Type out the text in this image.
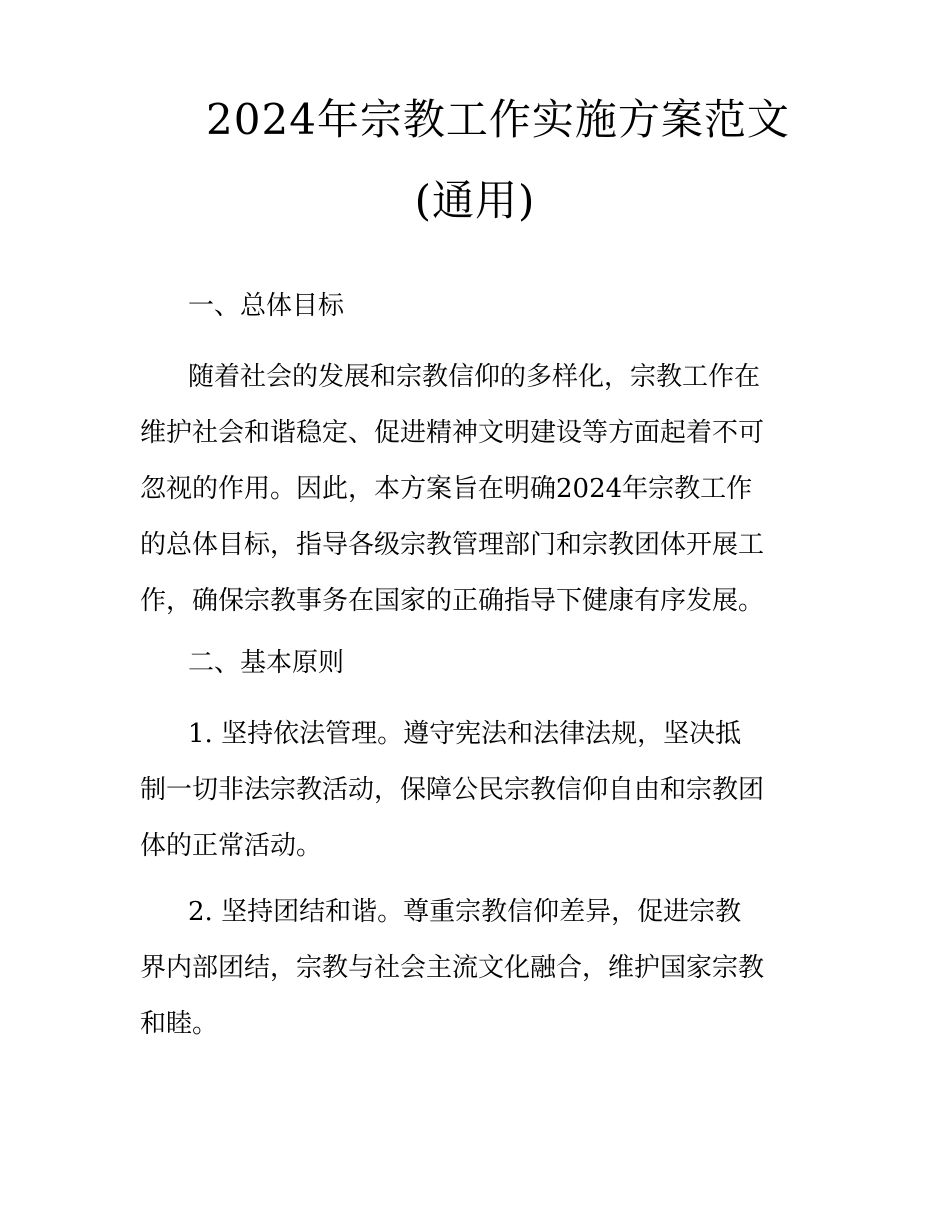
2024年宗教工作实施方案范文
(通用)
一、总体目标
随着社会的发展和宗教信仰的多样化，宗教工作在
维护社会和谐稳定、促进精神文明建设等方面起着不可
忽视的作用。因此，本方案旨在明确2024年宗教工作
的总体目标，指导各级宗教管理部门和宗教团体开展工
作，确保宗教事务在国家的正确指导下健康有序发展。
二、基本原则
1. 坚持依法管理。遵守宪法和法律法规，坚决抵
制一切非法宗教活动，保障公民宗教信仰自由和宗教团
体的正常活动。
2. 坚持团结和谐。尊重宗教信仰差异，促进宗教
界内部团结，宗教与社会主流文化融合，维护国家宗教
和睦。
